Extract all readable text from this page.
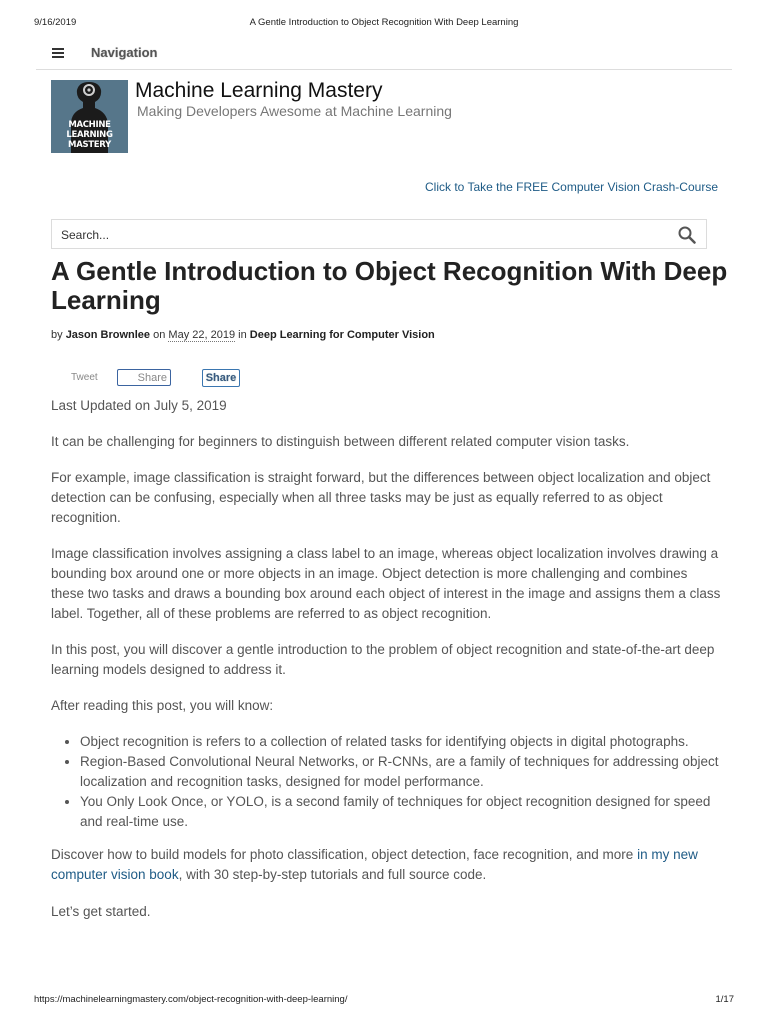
9/16/2019	A Gentle Introduction to Object Recognition With Deep Learning
Navigation
MACHINE
LEARNING
MASTERY
Machine Learning Mastery
Making Developers Awesome at Machine Learning
Click to Take the FREE Computer Vision Crash-Course
Search...
A Gentle Introduction to Object Recognition With Deep Learning
by Jason Brownlee on May 22, 2019 in Deep Learning for Computer Vision
Tweet	Share	Share

Last Updated on July 5, 2019

It can be challenging for beginners to distinguish between different related computer vision tasks.

For example, image classification is straight forward, but the differences between object localization and object detection can be confusing, especially when all three tasks may be just as equally referred to as object recognition.

Image classification involves assigning a class label to an image, whereas object localization involves drawing a bounding box around one or more objects in an image. Object detection is more challenging and combines these two tasks and draws a bounding box around each object of interest in the image and assigns them a class label. Together, all of these problems are referred to as object recognition.

In this post, you will discover a gentle introduction to the problem of object recognition and state-of-the-art deep learning models designed to address it.

After reading this post, you will know:

• Object recognition is refers to a collection of related tasks for identifying objects in digital photographs.
• Region-Based Convolutional Neural Networks, or R-CNNs, are a family of techniques for addressing object localization and recognition tasks, designed for model performance.
• You Only Look Once, or YOLO, is a second family of techniques for object recognition designed for speed and real-time use.

Discover how to build models for photo classification, object detection, face recognition, and more in my new computer vision book, with 30 step-by-step tutorials and full source code.

Let’s get started.

https://machinelearningmastery.com/object-recognition-with-deep-learning/	1/17
